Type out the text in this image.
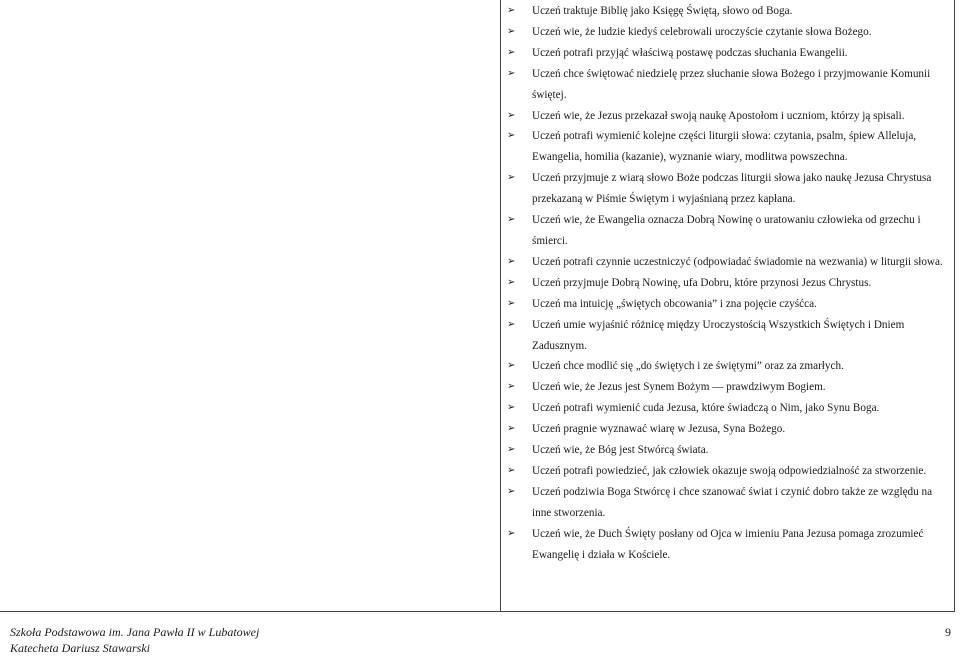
➢ Uczeń traktuje Biblię jako Księgę Świętą, słowo od Boga.
➢ Uczeń wie, że ludzie kiedyś celebrowali uroczyście czytanie słowa Bożego.
➢ Uczeń potrafi przyjąć właściwą postawę podczas słuchania Ewangelii.
➢ Uczeń chce świętować niedzielę przez słuchanie słowa Bożego i przyjmowanie Komunii świętej.
➢ Uczeń wie, że Jezus przekazał swoją naukę Apostołom i uczniom, którzy ją spisali.
➢ Uczeń potrafi wymienić kolejne części liturgii słowa: czytania, psalm, śpiew Alleluja, Ewangelia, homilia (kazanie), wyznanie wiary, modlitwa powszechna.
➢ Uczeń przyjmuje z wiarą słowo Boże podczas liturgii słowa jako naukę Jezusa Chrystusa przekazaną w Piśmie Świętym i wyjaśnianą przez kapłana.
➢ Uczeń wie, że Ewangelia oznacza Dobrą Nowinę o uratowaniu człowieka od grzechu i śmierci.
➢ Uczeń potrafi czynnie uczestniczyć (odpowiadać świadomie na wezwania) w liturgii słowa.
➢ Uczeń przyjmuje Dobrą Nowinę, ufa Dobru, które przynosi Jezus Chrystus.
➢ Uczeń ma intuicję „świętych obcowania” i zna pojęcie czyśćca.
➢ Uczeń umie wyjaśnić różnicę między Uroczystością Wszystkich Świętych i Dniem Zadusznym.
➢ Uczeń chce modlić się „do świętych i ze świętymi” oraz za zmarłych.
➢ Uczeń wie, że Jezus jest Synem Bożym — prawdziwym Bogiem.
➢ Uczeń potrafi wymienić cuda Jezusa, które świadczą o Nim, jako Synu Boga.
➢ Uczeń pragnie wyznawać wiarę w Jezusa, Syna Bożego.
➢ Uczeń wie, że Bóg jest Stwórcą świata.
➢ Uczeń potrafi powiedzieć, jak człowiek okazuje swoją odpowiedzialność za stworzenie.
➢ Uczeń podziwia Boga Stwórcę i chce szanować świat i czynić dobro także ze względu na inne stworzenia.
➢ Uczeń wie, że Duch Święty posłany od Ojca w imieniu Pana Jezusa pomaga zrozumieć Ewangelię i działa w Kościele.
Szkoła Podstawowa im. Jana Pawła II w Lubatowej
Katecheta Dariusz Stawarski
9
